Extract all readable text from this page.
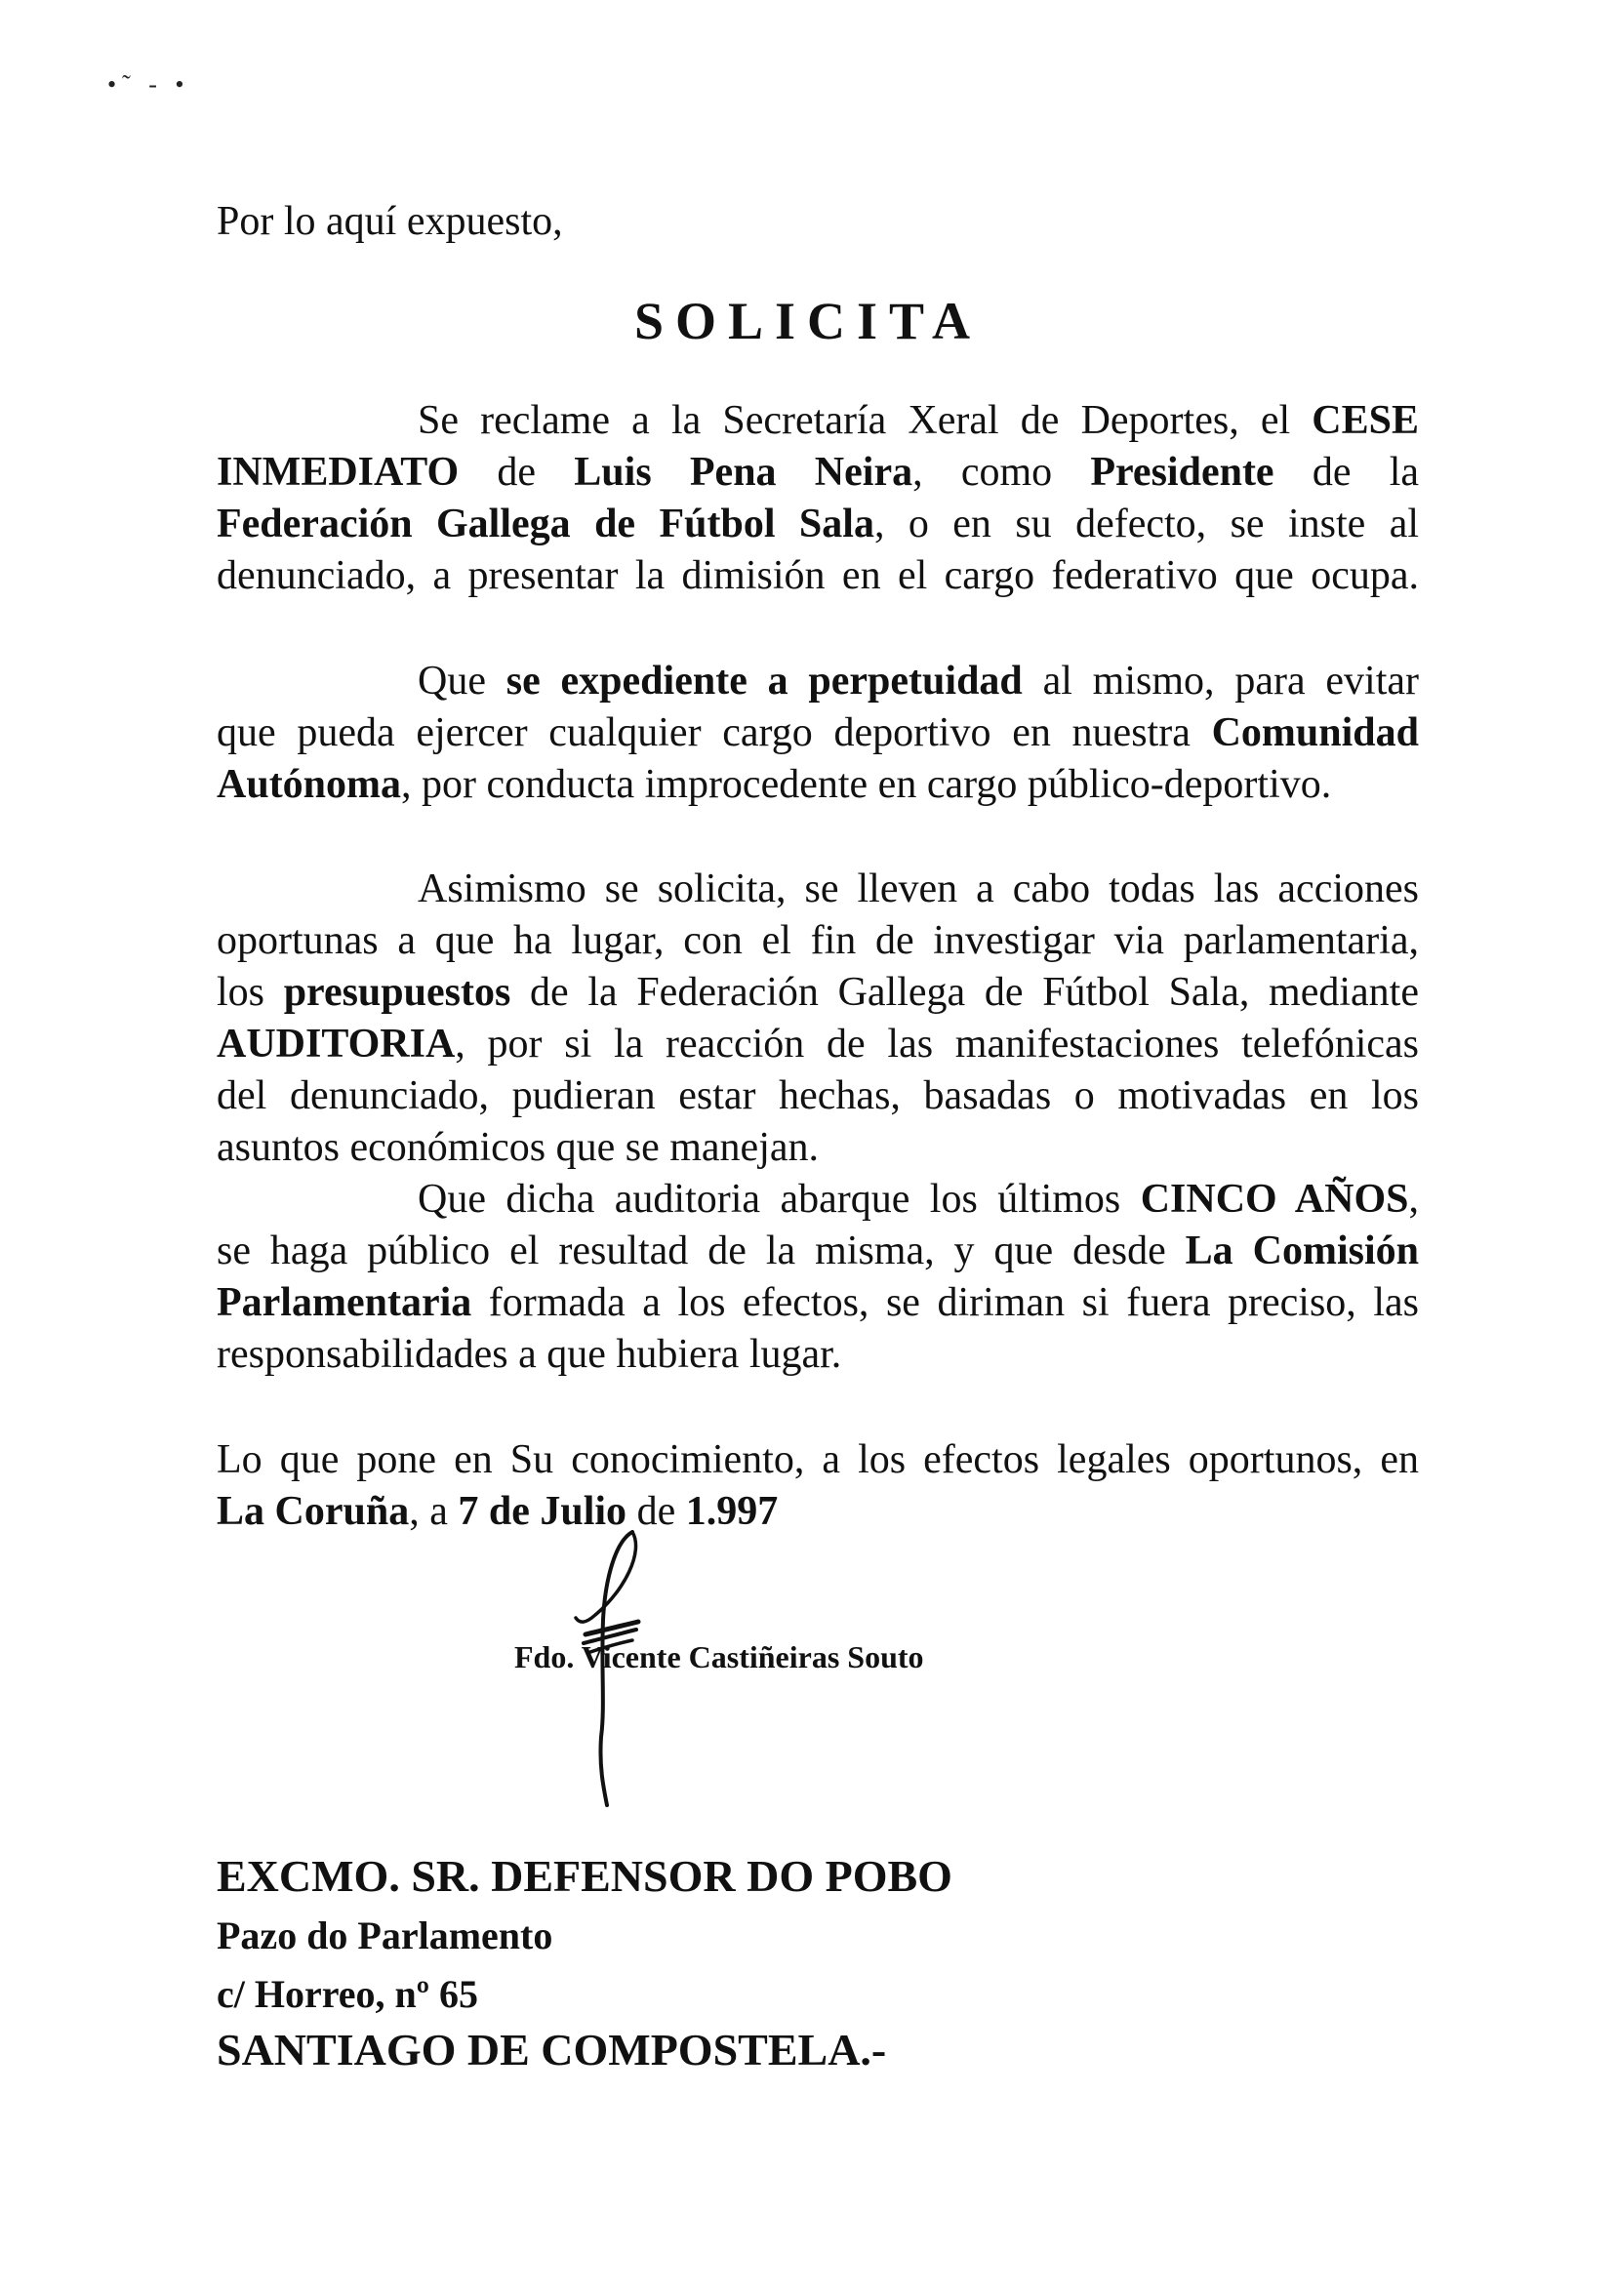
•˜ - •
Por lo aquí expuesto,
SOLICITA
Se reclame a la Secretaría Xeral de Deportes, el CESE
INMEDIATO de Luis Pena Neira, como Presidente de la
Federación Gallega de Fútbol Sala, o en su defecto, se inste al
denunciado, a presentar la dimisión en el cargo federativo que ocupa.
Que se expediente a perpetuidad al mismo, para evitar
que pueda ejercer cualquier cargo deportivo en nuestra Comunidad
Autónoma, por conducta improcedente en cargo público-deportivo.
Asimismo se solicita, se lleven a cabo todas las acciones
oportunas a que ha lugar, con el fin de investigar via parlamentaria,
los presupuestos de la Federación Gallega de Fútbol Sala, mediante
AUDITORIA, por si la reacción de las manifestaciones telefónicas
del denunciado, pudieran estar hechas, basadas o motivadas en los
asuntos económicos que se manejan.
Que dicha auditoria abarque los últimos CINCO AÑOS,
se haga público el resultad de la misma, y que desde La Comisión
Parlamentaria formada a los efectos, se diriman si fuera preciso, las
responsabilidades a que hubiera lugar.
Lo que pone en Su conocimiento, a los efectos legales oportunos, en
La Coruña, a 7 de Julio de 1.997
Fdo. Vicente Castiñeiras Souto
EXCMO. SR. DEFENSOR DO POBO
Pazo do Parlamento
c/ Horreo, nº 65
SANTIAGO DE COMPOSTELA.-
